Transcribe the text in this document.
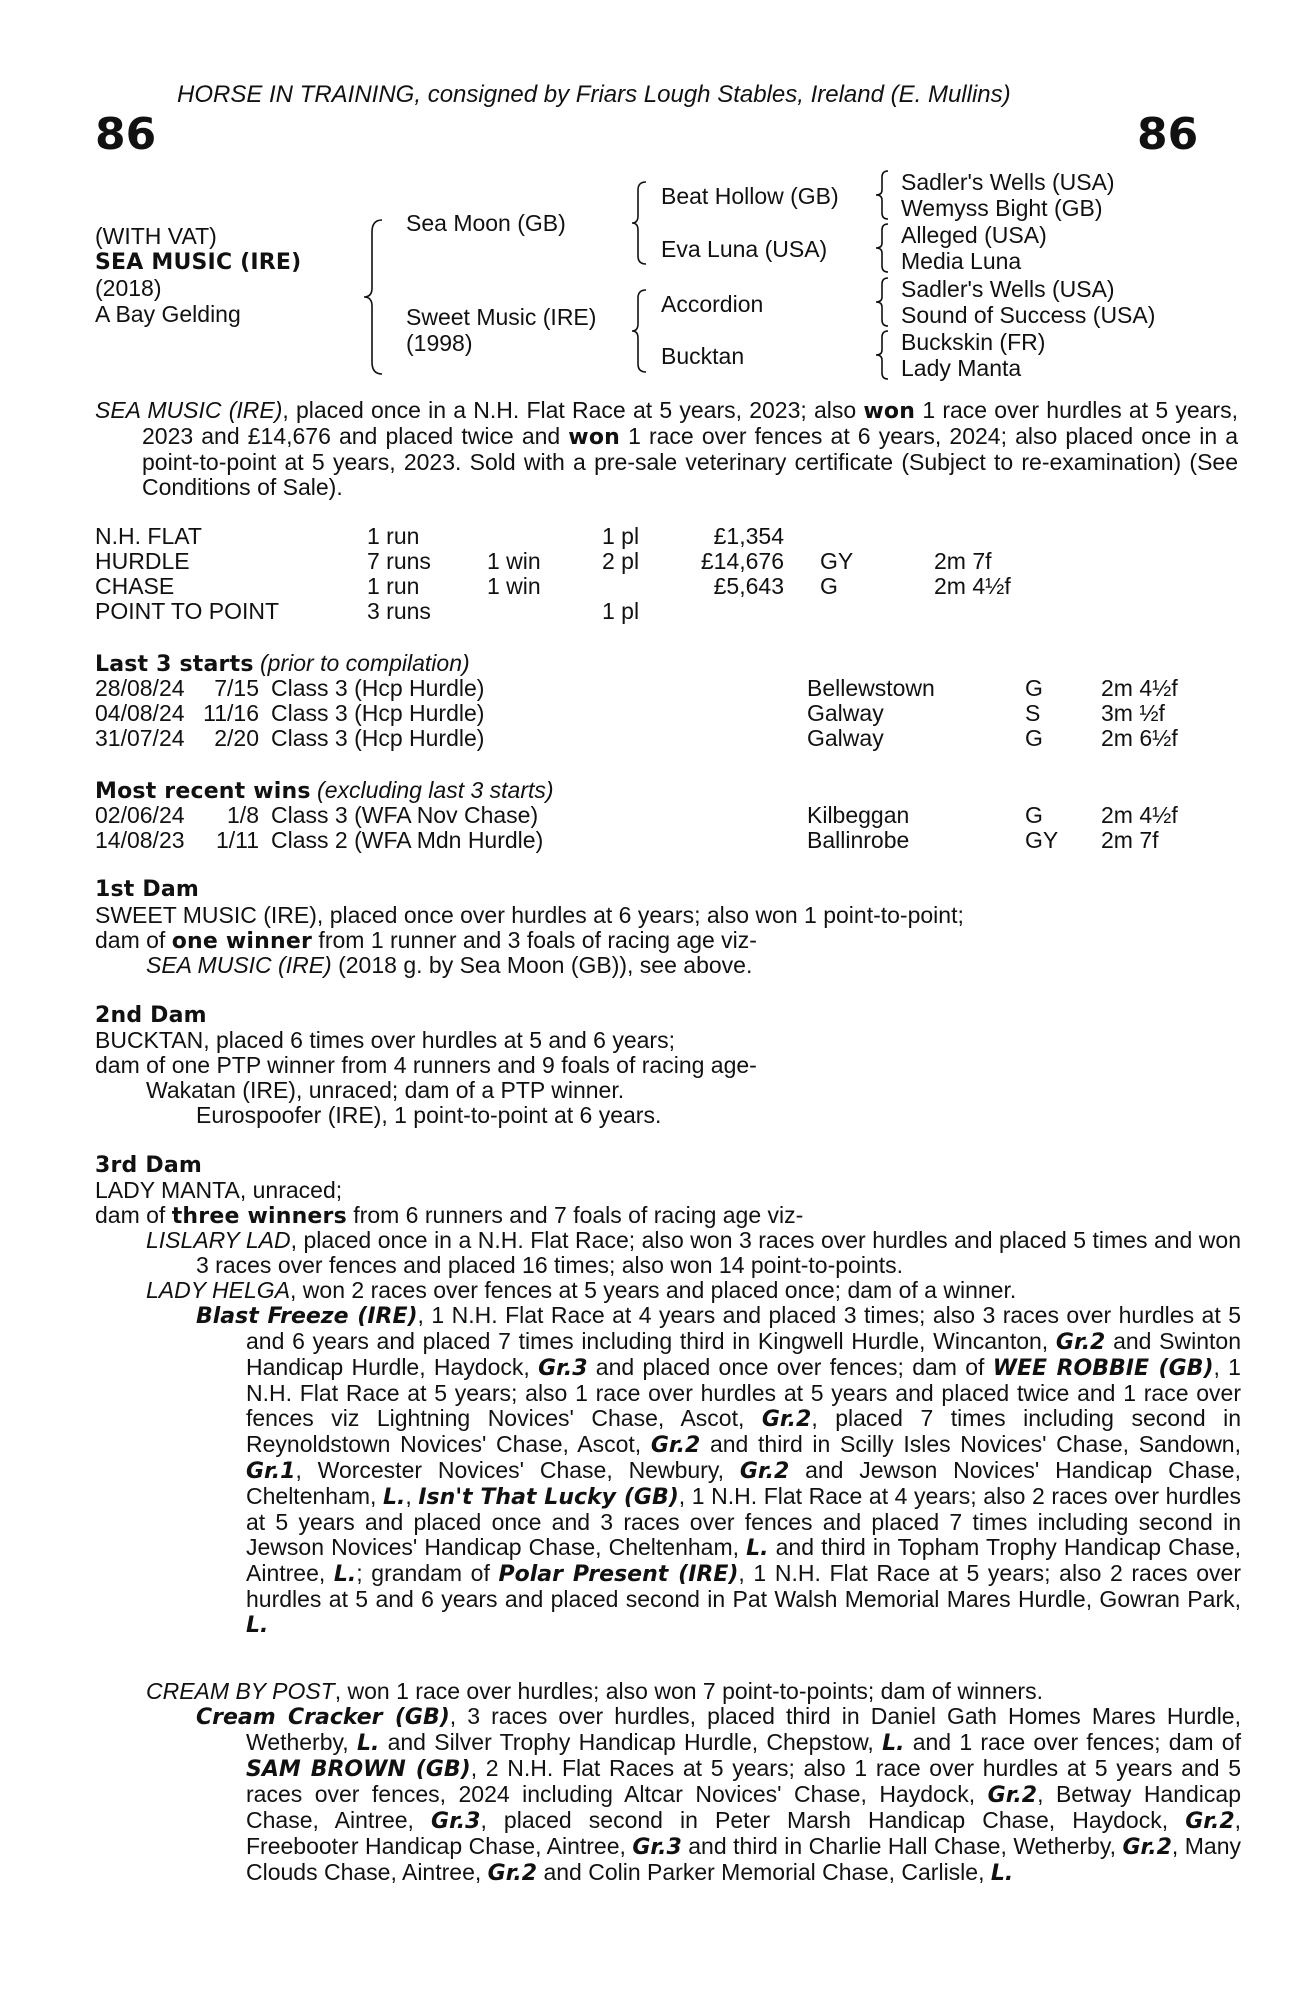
HORSE IN TRAINING, consigned by Friars Lough Stables, Ireland (E. Mullins)
86	86
(WITH VAT)
SEA MUSIC (IRE)
(2018)
A Bay Gelding
Sea Moon (GB)
Sweet Music (IRE)
(1998)
Beat Hollow (GB)
Eva Luna (USA)
Accordion
Bucktan
Sadler's Wells (USA)
Wemyss Bight (GB)
Alleged (USA)
Media Luna
Sadler's Wells (USA)
Sound of Success (USA)
Buckskin (FR)
Lady Manta
SEA MUSIC (IRE), placed once in a N.H. Flat Race at 5 years, 2023; also won 1 race over hurdles at 5 years, 2023 and £14,676 and placed twice and won 1 race over fences at 6 years, 2024; also placed once in a point-to-point at 5 years, 2023. Sold with a pre-sale veterinary certificate (Subject to re-examination) (See Conditions of Sale).
N.H. FLAT	1 run		1 pl	£1,354			
HURDLE	7 runs	1 win	2 pl	£14,676		GY	2m 7f
CHASE	1 run	1 win		£5,643		G	2m 4½f
POINT TO POINT	3 runs		1 pl				
Last 3 starts (prior to compilation)
28/08/24	7/15	Class 3 (Hcp Hurdle)	Bellewstown	G	2m 4½f
04/08/24	11/16	Class 3 (Hcp Hurdle)	Galway	S	3m ½f
31/07/24	2/20	Class 3 (Hcp Hurdle)	Galway	G	2m 6½f
Most recent wins (excluding last 3 starts)
02/06/24	1/8	Class 3 (WFA Nov Chase)	Kilbeggan	G	2m 4½f
14/08/23	1/11	Class 2 (WFA Mdn Hurdle)	Ballinrobe	GY	2m 7f
1st Dam
SWEET MUSIC (IRE), placed once over hurdles at 6 years; also won 1 point-to-point;
dam of one winner from 1 runner and 3 foals of racing age viz-
SEA MUSIC (IRE) (2018 g. by Sea Moon (GB)), see above.
2nd Dam
BUCKTAN, placed 6 times over hurdles at 5 and 6 years;
dam of one PTP winner from 4 runners and 9 foals of racing age-
Wakatan (IRE), unraced; dam of a PTP winner.
Eurospoofer (IRE), 1 point-to-point at 6 years.
3rd Dam
LADY MANTA, unraced;
dam of three winners from 6 runners and 7 foals of racing age viz-
LISLARY LAD, placed once in a N.H. Flat Race; also won 3 races over hurdles and placed 5 times and won 3 races over fences and placed 16 times; also won 14 point-to-points.
LADY HELGA, won 2 races over fences at 5 years and placed once; dam of a winner.
Blast Freeze (IRE), 1 N.H. Flat Race at 4 years and placed 3 times; also 3 races over hurdles at 5 and 6 years and placed 7 times including third in Kingwell Hurdle, Wincanton, Gr.2 and Swinton Handicap Hurdle, Haydock, Gr.3 and placed once over fences; dam of WEE ROBBIE (GB), 1 N.H. Flat Race at 5 years; also 1 race over hurdles at 5 years and placed twice and 1 race over fences viz Lightning Novices' Chase, Ascot, Gr.2, placed 7 times including second in Reynoldstown Novices' Chase, Ascot, Gr.2 and third in Scilly Isles Novices' Chase, Sandown, Gr.1, Worcester Novices' Chase, Newbury, Gr.2 and Jewson Novices' Handicap Chase, Cheltenham, L., Isn't That Lucky (GB), 1 N.H. Flat Race at 4 years; also 2 races over hurdles at 5 years and placed once and 3 races over fences and placed 7 times including second in Jewson Novices' Handicap Chase, Cheltenham, L. and third in Topham Trophy Handicap Chase, Aintree, L.; grandam of Polar Present (IRE), 1 N.H. Flat Race at 5 years; also 2 races over hurdles at 5 and 6 years and placed second in Pat Walsh Memorial Mares Hurdle, Gowran Park, L.
CREAM BY POST, won 1 race over hurdles; also won 7 point-to-points; dam of winners.
Cream Cracker (GB), 3 races over hurdles, placed third in Daniel Gath Homes Mares Hurdle, Wetherby, L. and Silver Trophy Handicap Hurdle, Chepstow, L. and 1 race over fences; dam of SAM BROWN (GB), 2 N.H. Flat Races at 5 years; also 1 race over hurdles at 5 years and 5 races over fences, 2024 including Altcar Novices' Chase, Haydock, Gr.2, Betway Handicap Chase, Aintree, Gr.3, placed second in Peter Marsh Handicap Chase, Haydock, Gr.2, Freebooter Handicap Chase, Aintree, Gr.3 and third in Charlie Hall Chase, Wetherby, Gr.2, Many Clouds Chase, Aintree, Gr.2 and Colin Parker Memorial Chase, Carlisle, L.
